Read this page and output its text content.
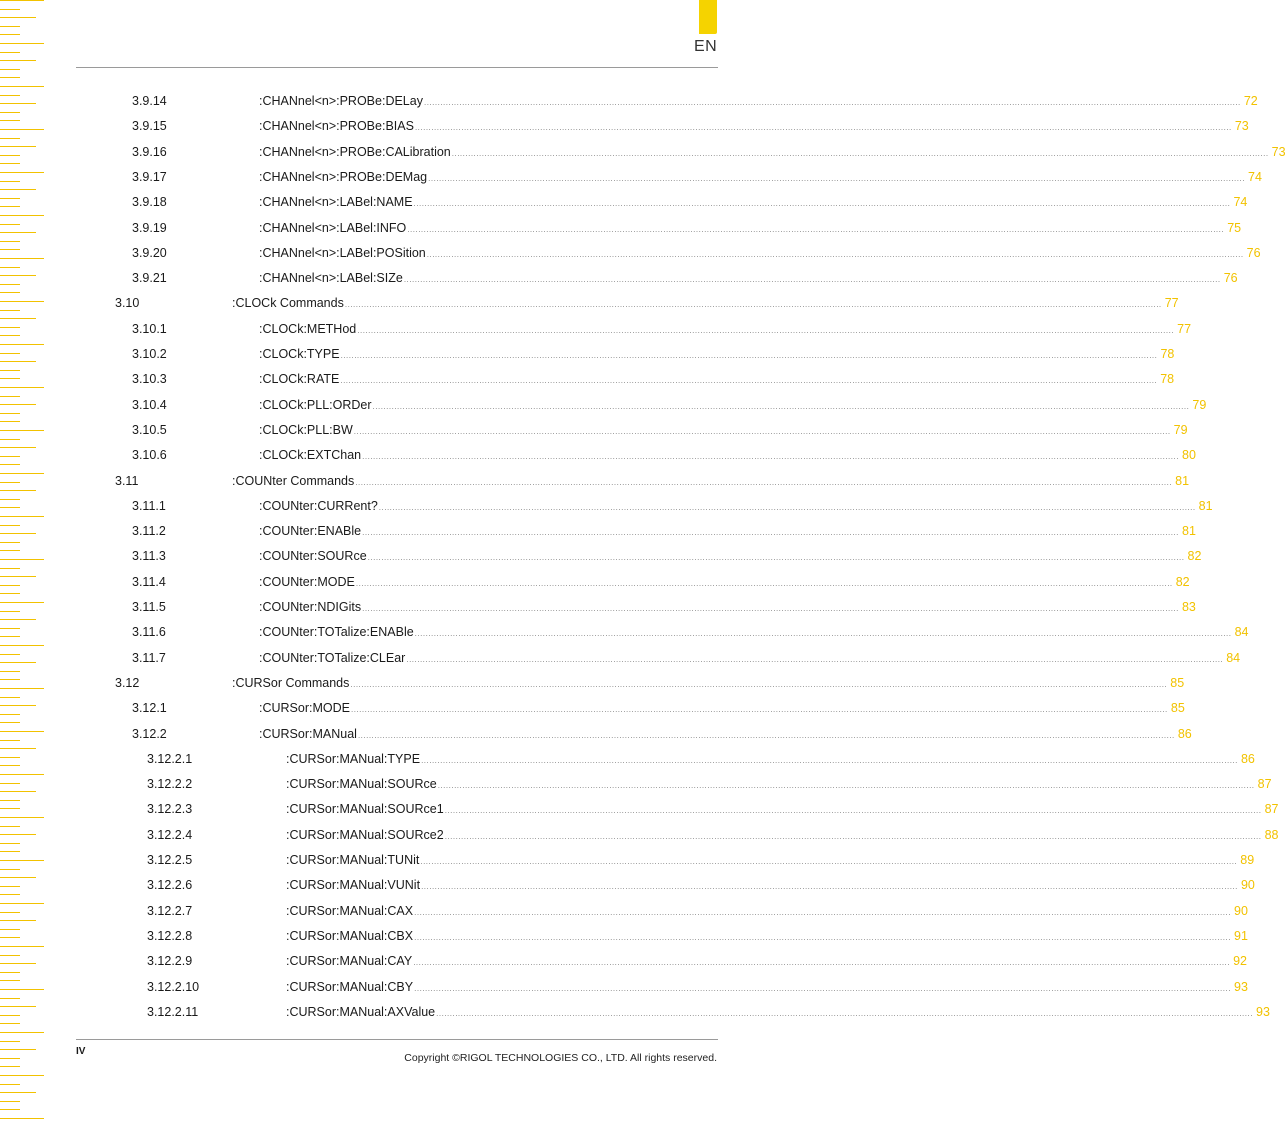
EN
3.9.14	:CHANnel<n>:PROBe:DELay ............................................................................................................................................................................................................................................................................................................ 72
3.9.15	:CHANnel<n>:PROBe:BIAS ............................................................................................................................................................................................................................................................................................................ 73
3.9.16	:CHANnel<n>:PROBe:CALibration ............................................................................................................................................................................................................................................................................................................ 73
3.9.17	:CHANnel<n>:PROBe:DEMag ............................................................................................................................................................................................................................................................................................................ 74
3.9.18	:CHANnel<n>:LABel:NAME ............................................................................................................................................................................................................................................................................................................ 74
3.9.19	:CHANnel<n>:LABel:INFO ............................................................................................................................................................................................................................................................................................................ 75
3.9.20	:CHANnel<n>:LABel:POSition ............................................................................................................................................................................................................................................................................................................ 76
3.9.21	:CHANnel<n>:LABel:SIZe ............................................................................................................................................................................................................................................................................................................ 76
3.10	:CLOCk Commands ............................................................................................................................................................................................................................................................................................................ 77
3.10.1	:CLOCk:METHod ............................................................................................................................................................................................................................................................................................................ 77
3.10.2	:CLOCk:TYPE ............................................................................................................................................................................................................................................................................................................ 78
3.10.3	:CLOCk:RATE ............................................................................................................................................................................................................................................................................................................ 78
3.10.4	:CLOCk:PLL:ORDer ............................................................................................................................................................................................................................................................................................................ 79
3.10.5	:CLOCk:PLL:BW ............................................................................................................................................................................................................................................................................................................ 79
3.10.6	:CLOCk:EXTChan ............................................................................................................................................................................................................................................................................................................ 80
3.11	:COUNter Commands ............................................................................................................................................................................................................................................................................................................ 81
3.11.1	:COUNter:CURRent? ............................................................................................................................................................................................................................................................................................................ 81
3.11.2	:COUNter:ENABle ............................................................................................................................................................................................................................................................................................................ 81
3.11.3	:COUNter:SOURce ............................................................................................................................................................................................................................................................................................................ 82
3.11.4	:COUNter:MODE ............................................................................................................................................................................................................................................................................................................ 82
3.11.5	:COUNter:NDIGits ............................................................................................................................................................................................................................................................................................................ 83
3.11.6	:COUNter:TOTalize:ENABle ............................................................................................................................................................................................................................................................................................................ 84
3.11.7	:COUNter:TOTalize:CLEar ............................................................................................................................................................................................................................................................................................................ 84
3.12	:CURSor Commands ............................................................................................................................................................................................................................................................................................................ 85
3.12.1	:CURSor:MODE ............................................................................................................................................................................................................................................................................................................ 85
3.12.2	:CURSor:MANual ............................................................................................................................................................................................................................................................................................................ 86
3.12.2.1	:CURSor:MANual:TYPE ............................................................................................................................................................................................................................................................................................................ 86
3.12.2.2	:CURSor:MANual:SOURce ............................................................................................................................................................................................................................................................................................................ 87
3.12.2.3	:CURSor:MANual:SOURce1 ............................................................................................................................................................................................................................................................................................................ 87
3.12.2.4	:CURSor:MANual:SOURce2 ............................................................................................................................................................................................................................................................................................................ 88
3.12.2.5	:CURSor:MANual:TUNit ............................................................................................................................................................................................................................................................................................................ 89
3.12.2.6	:CURSor:MANual:VUNit ............................................................................................................................................................................................................................................................................................................ 90
3.12.2.7	:CURSor:MANual:CAX ............................................................................................................................................................................................................................................................................................................ 90
3.12.2.8	:CURSor:MANual:CBX ............................................................................................................................................................................................................................................................................................................ 91
3.12.2.9	:CURSor:MANual:CAY ............................................................................................................................................................................................................................................................................................................ 92
3.12.2.10	:CURSor:MANual:CBY ............................................................................................................................................................................................................................................................................................................ 93
3.12.2.11	:CURSor:MANual:AXValue ............................................................................................................................................................................................................................................................................................................ 93
IV
Copyright ©RIGOL TECHNOLOGIES CO., LTD. All rights reserved.
